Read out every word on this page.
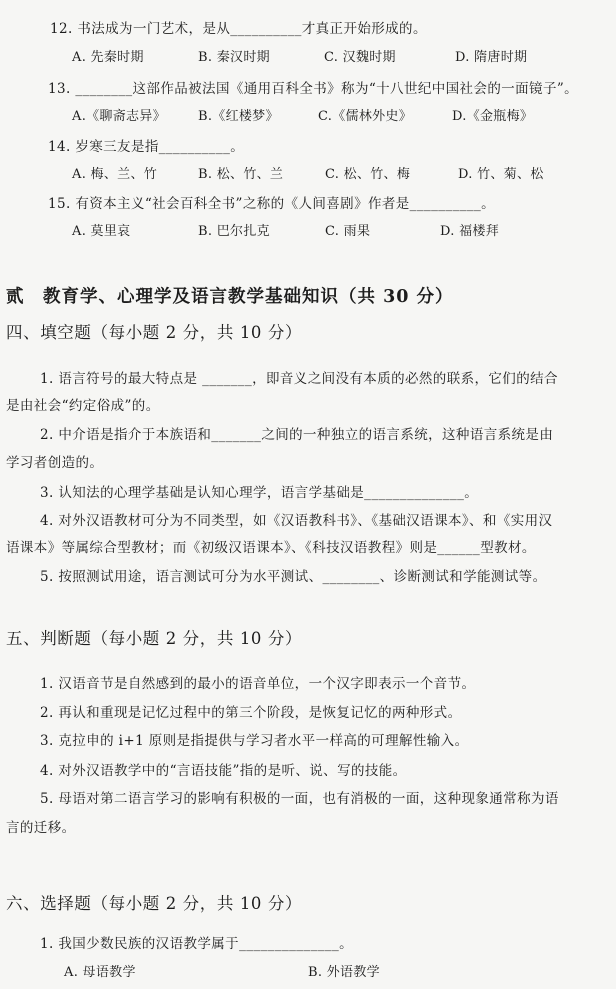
12. 书法成为一门艺术，是从__________才真正开始形成的。
A. 先秦时期	B. 秦汉时期	C. 汉魏时期	D. 隋唐时期
13. ________这部作品被法国《通用百科全书》称为“十八世纪中国社会的一面镜子”。
A.《聊斋志异》 B.《红楼梦》	C.《儒林外史》	D.《金瓶梅》
14. 岁寒三友是指__________。
A. 梅、兰、竹	B. 松、竹、兰	C. 松、竹、梅	D. 竹、菊、松
15. 有资本主义“社会百科全书”之称的《人间喜剧》作者是__________。
A. 莫里哀	B. 巴尔扎克	C. 雨果	D. 福楼拜
贰　教育学、心理学及语言教学基础知识（共 30 分）
四、填空题（每小题 2 分，共 10 分）
1. 语言符号的最大特点是 _______，即音义之间没有本质的必然的联系，它们的结合
是由社会“约定俗成”的。
2. 中介语是指介于本族语和_______之间的一种独立的语言系统，这种语言系统是由
学习者创造的。
3. 认知法的心理学基础是认知心理学，语言学基础是______________。
4. 对外汉语教材可分为不同类型，如《汉语教科书》、《基础汉语课本》、和《实用汉
语课本》等属综合型教材；而《初级汉语课本》、《科技汉语教程》则是______型教材。
5. 按照测试用途，语言测试可分为水平测试、________、诊断测试和学能测试等。
五、判断题（每小题 2 分，共 10 分）
1. 汉语音节是自然感到的最小的语音单位，一个汉字即表示一个音节。
2. 再认和重现是记忆过程中的第三个阶段，是恢复记忆的两种形式。
3. 克拉申的 i+1 原则是指提供与学习者水平一样高的可理解性输入。
4. 对外汉语教学中的“言语技能”指的是听、说、写的技能。
5. 母语对第二语言学习的影响有积极的一面，也有消极的一面，这种现象通常称为语
言的迁移。
六、选择题（每小题 2 分，共 10 分）
1. 我国少数民族的汉语教学属于______________。
A. 母语教学	B. 外语教学
